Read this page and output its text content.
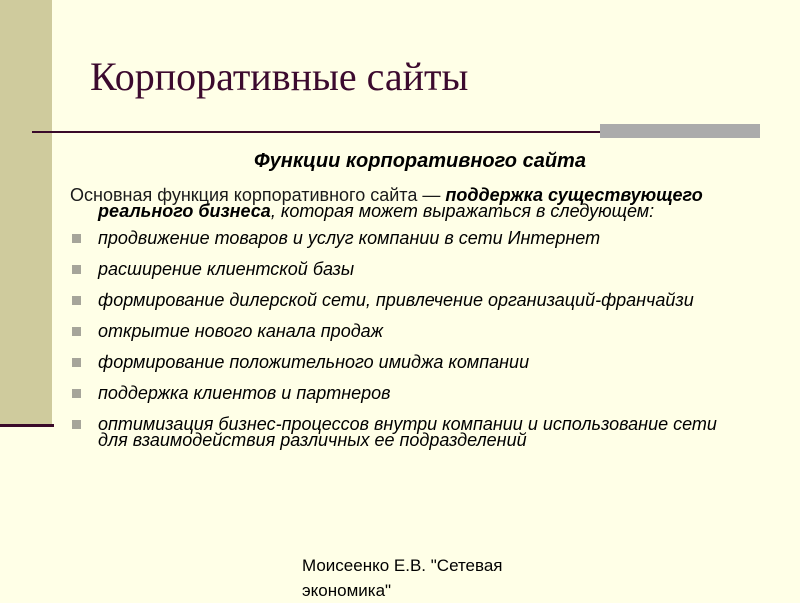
Корпоративные сайты
Функции корпоративного сайта

Основная функция корпоративного сайта — поддержка существующего реального бизнеса, которая может выражаться в следующем:

продвижение товаров и услуг компании в сети Интернет
расширение клиентской базы
формирование дилерской сети, привлечение организаций-франчайзи
открытие нового канала продаж
формирование положительного имиджа компании
поддержка клиентов и партнеров
оптимизация бизнес-процессов внутри компании и использование сети для взаимодействия различных ее подразделений
Моисеенко Е.В. "Сетевая
экономика"
